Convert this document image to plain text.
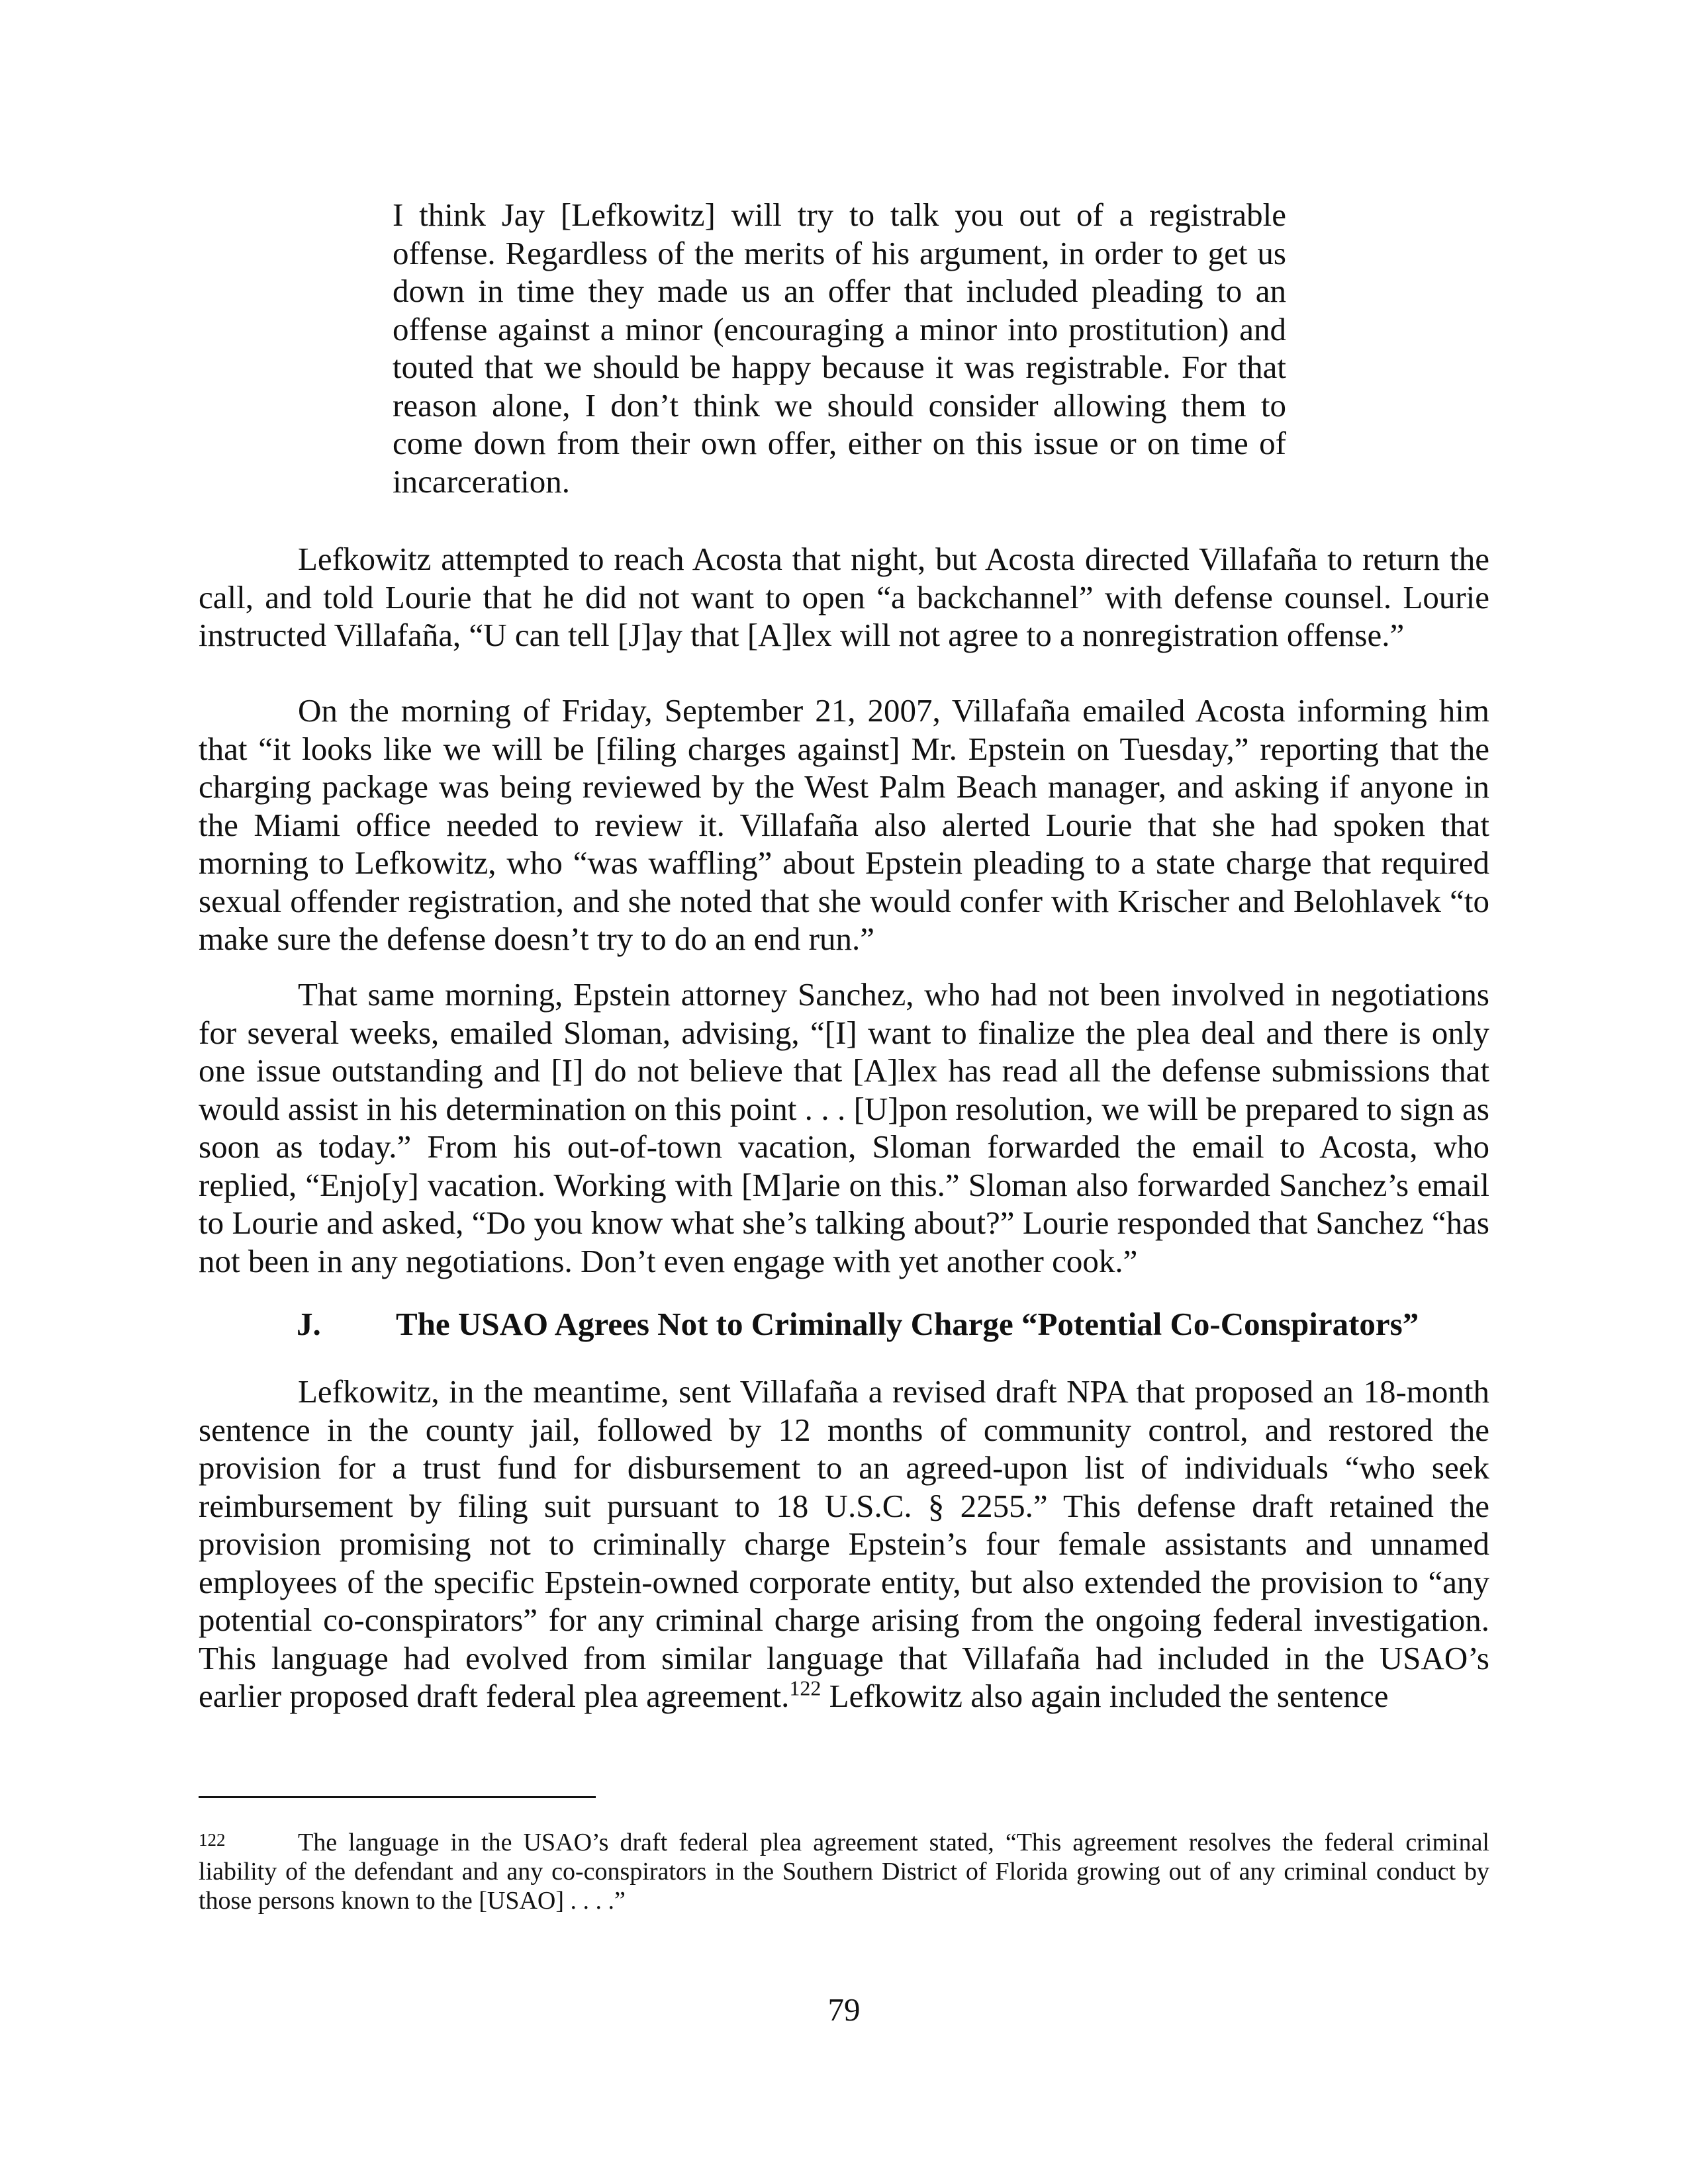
I think Jay [Lefkowitz] will try to talk you out of a registrable offense. Regardless of the merits of his argument, in order to get us down in time they made us an offer that included pleading to an offense against a minor (encouraging a minor into prostitution) and touted that we should be happy because it was registrable. For that reason alone, I don’t think we should consider allowing them to come down from their own offer, either on this issue or on time of incarceration.

Lefkowitz attempted to reach Acosta that night, but Acosta directed Villafaña to return the call, and told Lourie that he did not want to open “a backchannel” with defense counsel. Lourie instructed Villafaña, “U can tell [J]ay that [A]lex will not agree to a nonregistration offense.”

On the morning of Friday, September 21, 2007, Villafaña emailed Acosta informing him that “it looks like we will be [filing charges against] Mr. Epstein on Tuesday,” reporting that the charging package was being reviewed by the West Palm Beach manager, and asking if anyone in the Miami office needed to review it. Villafaña also alerted Lourie that she had spoken that morning to Lefkowitz, who “was waffling” about Epstein pleading to a state charge that required sexual offender registration, and she noted that she would confer with Krischer and Belohlavek “to make sure the defense doesn’t try to do an end run.”

That same morning, Epstein attorney Sanchez, who had not been involved in negotiations for several weeks, emailed Sloman, advising, “[I] want to finalize the plea deal and there is only one issue outstanding and [I] do not believe that [A]lex has read all the defense submissions that would assist in his determination on this point . . . [U]pon resolution, we will be prepared to sign as soon as today.” From his out-of-town vacation, Sloman forwarded the email to Acosta, who replied, “Enjo[y] vacation. Working with [M]arie on this.” Sloman also forwarded Sanchez’s email to Lourie and asked, “Do you know what she’s talking about?” Lourie responded that Sanchez “has not been in any negotiations. Don’t even engage with yet another cook.”

J. The USAO Agrees Not to Criminally Charge “Potential Co-Conspirators”

Lefkowitz, in the meantime, sent Villafaña a revised draft NPA that proposed an 18-month sentence in the county jail, followed by 12 months of community control, and restored the provision for a trust fund for disbursement to an agreed-upon list of individuals “who seek reimbursement by filing suit pursuant to 18 U.S.C. § 2255.” This defense draft retained the provision promising not to criminally charge Epstein’s four female assistants and unnamed employees of the specific Epstein-owned corporate entity, but also extended the provision to “any potential co-conspirators” for any criminal charge arising from the ongoing federal investigation. This language had evolved from similar language that Villafaña had included in the USAO’s earlier proposed draft federal plea agreement.$^{122}$ Lefkowitz also again included the sentence

122	The language in the USAO’s draft federal plea agreement stated, “This agreement resolves the federal criminal liability of the defendant and any co-conspirators in the Southern District of Florida growing out of any criminal conduct by those persons known to the [USAO] . . . .”

79
